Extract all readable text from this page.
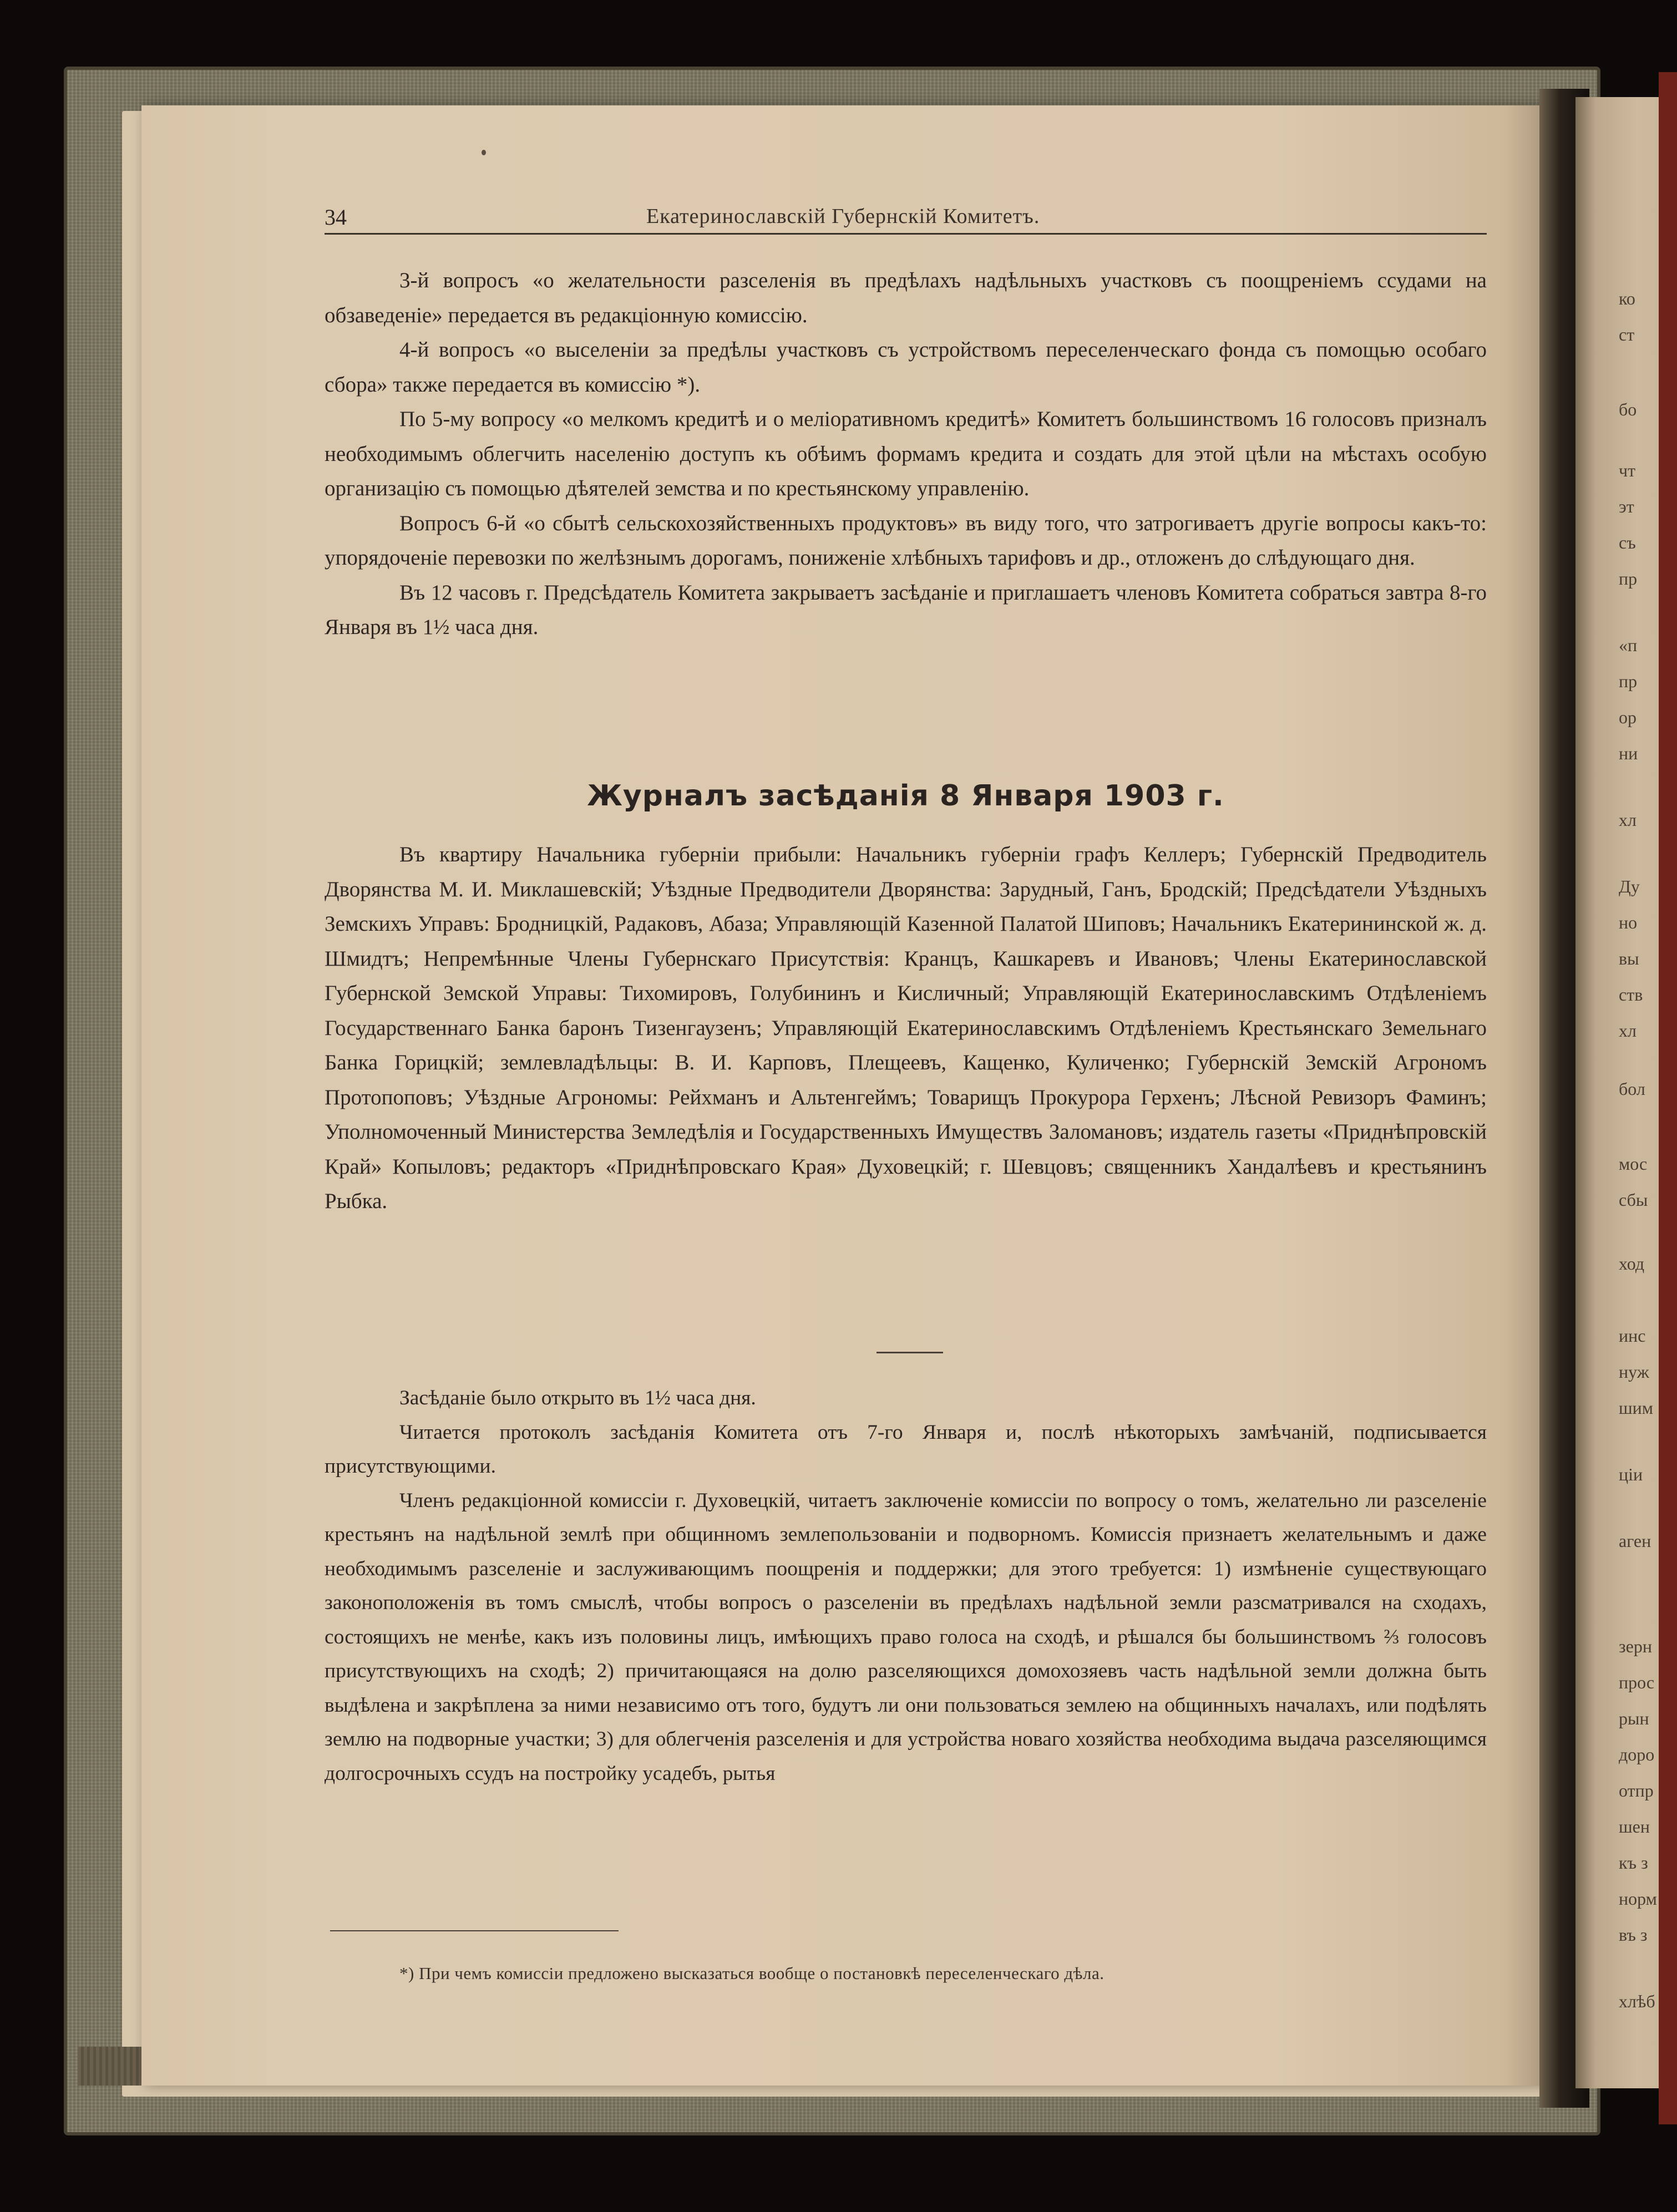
34	Екатеринославскій Губернскій Комитетъ.

3-й вопросъ «о желательности разселенія въ предѣлахъ надѣльныхъ участковъ съ поощреніемъ ссудами на обзаведеніе» передается въ редакціонную комиссію.

4-й вопросъ «о выселеніи за предѣлы участковъ съ устройствомъ переселенческаго фонда съ помощью особаго сбора» также передается въ комиссію *).

По 5-му вопросу «о мелкомъ кредитѣ и о меліоративномъ кредитѣ» Комитетъ большинствомъ 16 голосовъ призналъ необходимымъ облегчить населенію доступъ къ обѣимъ формамъ кредита и создать для этой цѣли на мѣстахъ особую организацію съ помощью дѣятелей земства и по крестьянскому управленію.

Вопросъ 6-й «о сбытѣ сельскохозяйственныхъ продуктовъ» въ виду того, что затрогиваетъ другіе вопросы какъ-то: упорядоченіе перевозки по желѣзнымъ дорогамъ, пониженіе хлѣбныхъ тарифовъ и др., отложенъ до слѣдующаго дня.

Въ 12 часовъ г. Предсѣдатель Комитета закрываетъ засѣданіе и приглашаетъ членовъ Комитета собраться завтра 8-го Января въ 1½ часа дня.

Журналъ засѣданія 8 Января 1903 г.

Въ квартиру Начальника губерніи прибыли: Начальникъ губерніи графъ Келлеръ; Губернскій Предводитель Дворянства М. И. Миклашевскій; Уѣздные Предводители Дворянства: Зарудный, Ганъ, Бродскій; Предсѣдатели Уѣздныхъ Земскихъ Управъ: Бродницкій, Радаковъ, Абаза; Управляющій Казенной Палатой Шиповъ; Начальникъ Екатерининской ж. д. Шмидтъ; Непремѣнные Члены Губернскаго Присутствія: Кранцъ, Кашкаревъ и Ивановъ; Члены Екатеринославской Губернской Земской Управы: Тихомировъ, Голубининъ и Кисличный; Управляющій Екатеринославскимъ Отдѣленіемъ Государственнаго Банка баронъ Тизенгаузенъ; Управляющій Екатеринославскимъ Отдѣленіемъ Крестьянскаго Земельнаго Банка Горицкій; землевладѣльцы: В. И. Карповъ, Плещеевъ, Кащенко, Куличенко; Губернскій Земскій Агрономъ Протопоповъ; Уѣздные Агрономы: Рейхманъ и Альтенгеймъ; Товарищъ Прокурора Герхенъ; Лѣсной Ревизоръ Фаминъ; Уполномоченный Министерства Земледѣлія и Государственныхъ Имуществъ Заломановъ; издатель газеты «Приднѣпровскій Край» Копыловъ; редакторъ «Приднѣпровскаго Края» Духовецкій; г. Шевцовъ; священникъ Хандалѣевъ и крестьянинъ Рыбка.

Засѣданіе было открыто въ 1½ часа дня.

Читается протоколъ засѣданія Комитета отъ 7-го Января и, послѣ нѣкоторыхъ замѣчаній, подписывается присутствующими.

Членъ редакціонной комиссіи г. Духовецкій, читаетъ заключеніе комиссіи по вопросу о томъ, желательно ли разселеніе крестьянъ на надѣльной землѣ при общинномъ землепользованіи и подворномъ. Комиссія признаетъ желательнымъ и даже необходимымъ разселеніе и заслуживающимъ поощренія и поддержки; для этого требуется: 1) измѣненіе существующаго законоположенія въ томъ смыслѣ, чтобы вопросъ о разселеніи въ предѣлахъ надѣльной земли разсматривался на сходахъ, состоящихъ не менѣе, какъ изъ половины лицъ, имѣющихъ право голоса на сходѣ, и рѣшался бы большинствомъ ⅔ голосовъ присутствующихъ на сходѣ; 2) причитающаяся на долю разселяющихся домохозяевъ часть надѣльной земли должна быть выдѣлена и закрѣплена за ними независимо отъ того, будутъ ли они пользоваться землею на общинныхъ началахъ, или подѣлять землю на подворные участки; 3) для облегченія разселенія и для устройства новаго хозяйства необходима выдача разселяющимся долгосрочныхъ ссудъ на постройку усадебъ, рытья

*) При чемъ комиссіи предложено высказаться вообще о постановкѣ переселенческаго дѣла.
ко
ст
бо
чт
эт
съ
пр
«п
пр
ор
ни
хл
Ду
но
вы
ств
хл
бол
мос
сбы
ход
инс
нуж
шим
ціи
аген
зерн
прос
рын
доро
отпр
шен
къ з
норм
въ з
хлѣб
